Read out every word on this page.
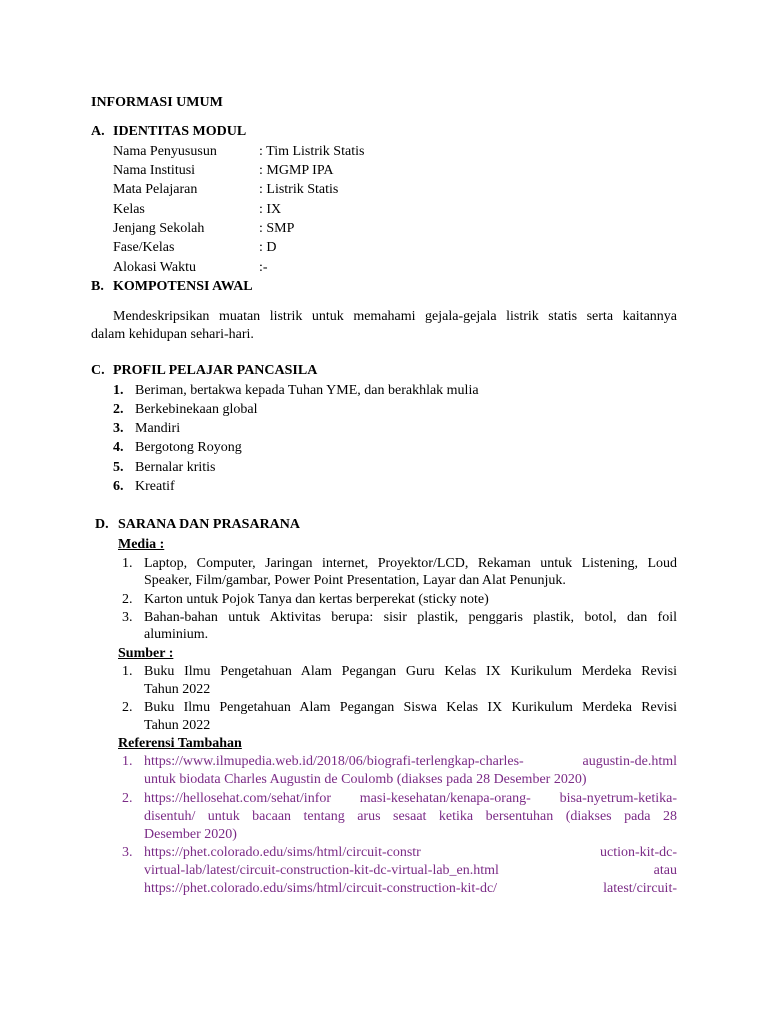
INFORMASI UMUM
A. IDENTITAS MODUL
Nama Penyususun	: Tim Listrik Statis
Nama Institusi	: MGMP IPA
Mata Pelajaran	: Listrik Statis
Kelas	: IX
Jenjang Sekolah	: SMP
Fase/Kelas	: D
Alokasi Waktu	:-
B. KOMPOTENSI AWAL
Mendeskripsikan muatan listrik untuk memahami gejala-gejala listrik statis serta kaitannya
dalam kehidupan sehari-hari.
C. PROFIL PELAJAR PANCASILA
1. Beriman, bertakwa kepada Tuhan YME, dan berakhlak mulia
2. Berkebinekaan global
3. Mandiri
4. Bergotong Royong
5. Bernalar kritis
6. Kreatif
D. SARANA DAN PRASARANA
Media :
1. Laptop, Computer, Jaringan internet, Proyektor/LCD, Rekaman untuk Listening, Loud
Speaker, Film/gambar, Power Point Presentation, Layar dan Alat Penunjuk.
2. Karton untuk Pojok Tanya dan kertas berperekat (sticky note)
3. Bahan-bahan untuk Aktivitas berupa: sisir plastik, penggaris plastik, botol, dan foil
aluminium.
Sumber :
1. Buku Ilmu Pengetahuan Alam Pegangan Guru Kelas IX Kurikulum Merdeka Revisi
Tahun 2022
2. Buku Ilmu Pengetahuan Alam Pegangan Siswa Kelas IX Kurikulum Merdeka Revisi
Tahun 2022
Referensi Tambahan
1. https://www.ilmupedia.web.id/2018/06/biografi-terlengkap-charles-	augustin-de.html
untuk biodata Charles Augustin de Coulomb (diakses pada 28 Desember 2020)
2. https://hellosehat.com/sehat/infor  masi-kesehatan/kenapa-orang-  bisa-nyetrum-ketika-
disentuh/ untuk bacaan tentang arus sesaat ketika bersentuhan (diakses pada 28
Desember 2020)
3. https://phet.colorado.edu/sims/html/circuit-constr	uction-kit-dc-
virtual-lab/latest/circuit-construction-kit-dc-virtual-lab_en.html	atau
https://phet.colorado.edu/sims/html/circuit-construction-kit-dc/	latest/circuit-
